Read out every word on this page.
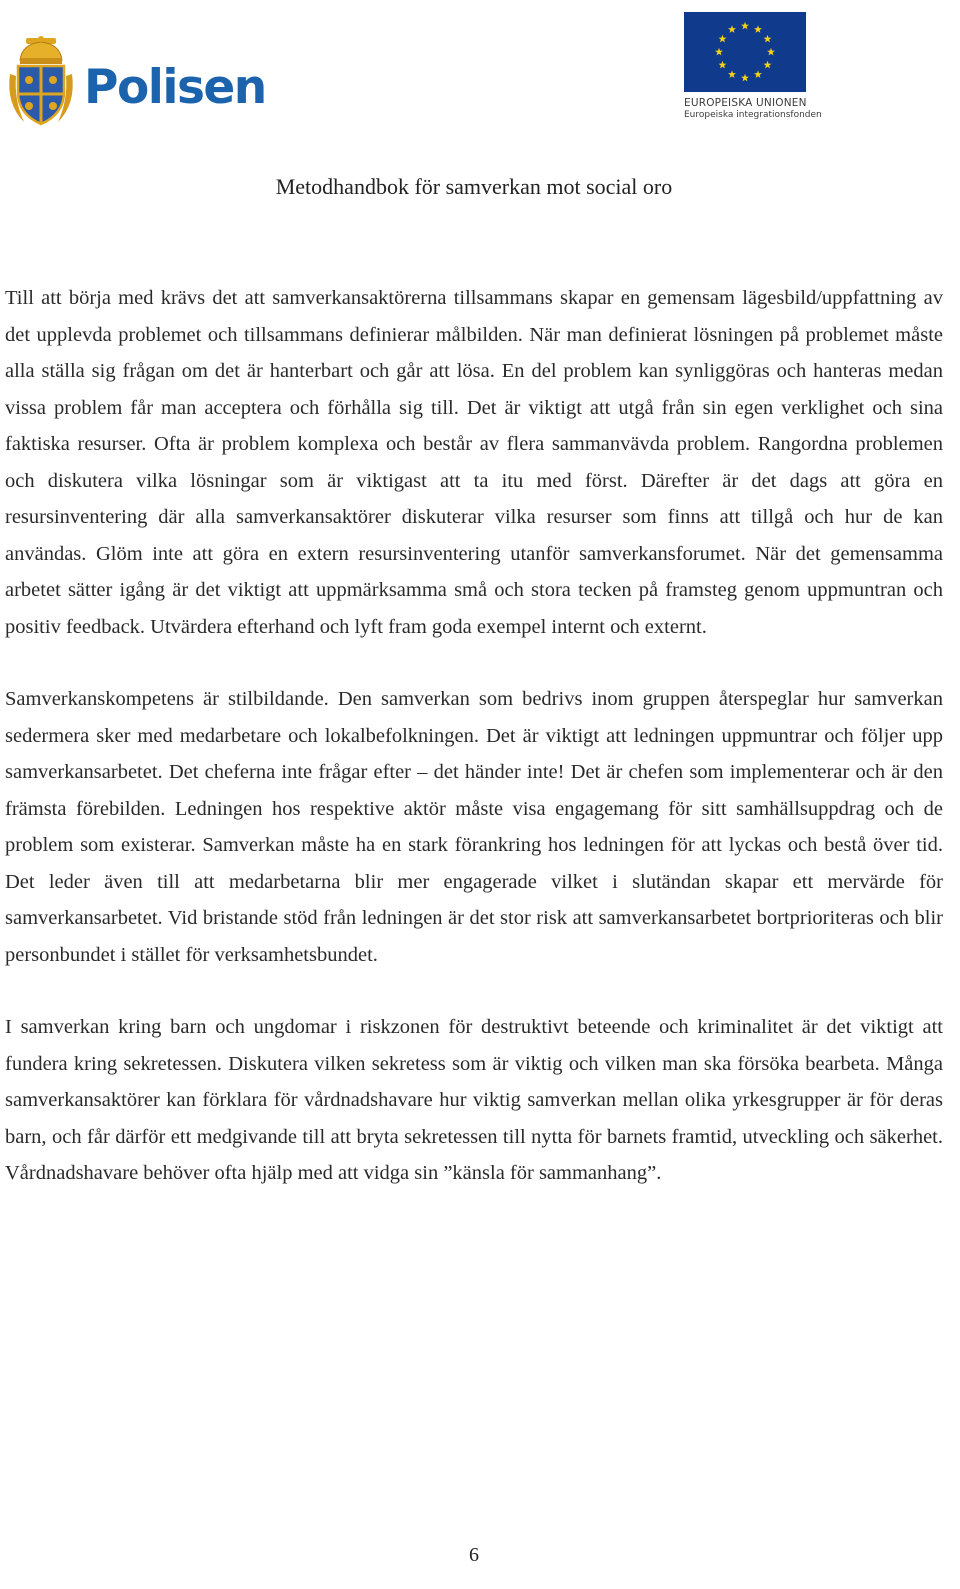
Polisen	EUROPEISKA UNIONEN
Europeiska integrationsfonden
Metodhandbok för samverkan mot social oro

Till att börja med krävs det att samverkansaktörerna tillsammans skapar en gemensam lägesbild/uppfattning av det upplevda problemet och tillsammans definierar målbilden. När man definierat lösningen på problemet måste alla ställa sig frågan om det är hanterbart och går att lösa. En del problem kan synliggöras och hanteras medan vissa problem får man acceptera och förhålla sig till. Det är viktigt att utgå från sin egen verklighet och sina faktiska resurser. Ofta är problem komplexa och består av flera sammanvävda problem. Rangordna problemen och diskutera vilka lösningar som är viktigast att ta itu med först. Därefter är det dags att göra en resursinventering där alla samverkansaktörer diskuterar vilka resurser som finns att tillgå och hur de kan användas. Glöm inte att göra en extern resursinventering utanför samverkansforumet. När det gemensamma arbetet sätter igång är det viktigt att uppmärksamma små och stora tecken på framsteg genom uppmuntran och positiv feedback. Utvärdera efterhand och lyft fram goda exempel internt och externt.

Samverkanskompetens är stilbildande. Den samverkan som bedrivs inom gruppen återspeglar hur samverkan sedermera sker med medarbetare och lokalbefolkningen. Det är viktigt att ledningen uppmuntrar och följer upp samverkansarbetet. Det cheferna inte frågar efter – det händer inte! Det är chefen som implementerar och är den främsta förebilden. Ledningen hos respektive aktör måste visa engagemang för sitt samhällsuppdrag och de problem som existerar. Samverkan måste ha en stark förankring hos ledningen för att lyckas och bestå över tid. Det leder även till att medarbetarna blir mer engagerade vilket i slutändan skapar ett mervärde för samverkansarbetet. Vid bristande stöd från ledningen är det stor risk att samverkansarbetet bortprioriteras och blir personbundet i stället för verksamhetsbundet.

I samverkan kring barn och ungdomar i riskzonen för destruktivt beteende och kriminalitet är det viktigt att fundera kring sekretessen. Diskutera vilken sekretess som är viktig och vilken man ska försöka bearbeta. Många samverkansaktörer kan förklara för vårdnadshavare hur viktig samverkan mellan olika yrkesgrupper är för deras barn, och får därför ett medgivande till att bryta sekretessen till nytta för barnets framtid, utveckling och säkerhet. Vårdnadshavare behöver ofta hjälp med att vidga sin ”känsla för sammanhang”.

6
